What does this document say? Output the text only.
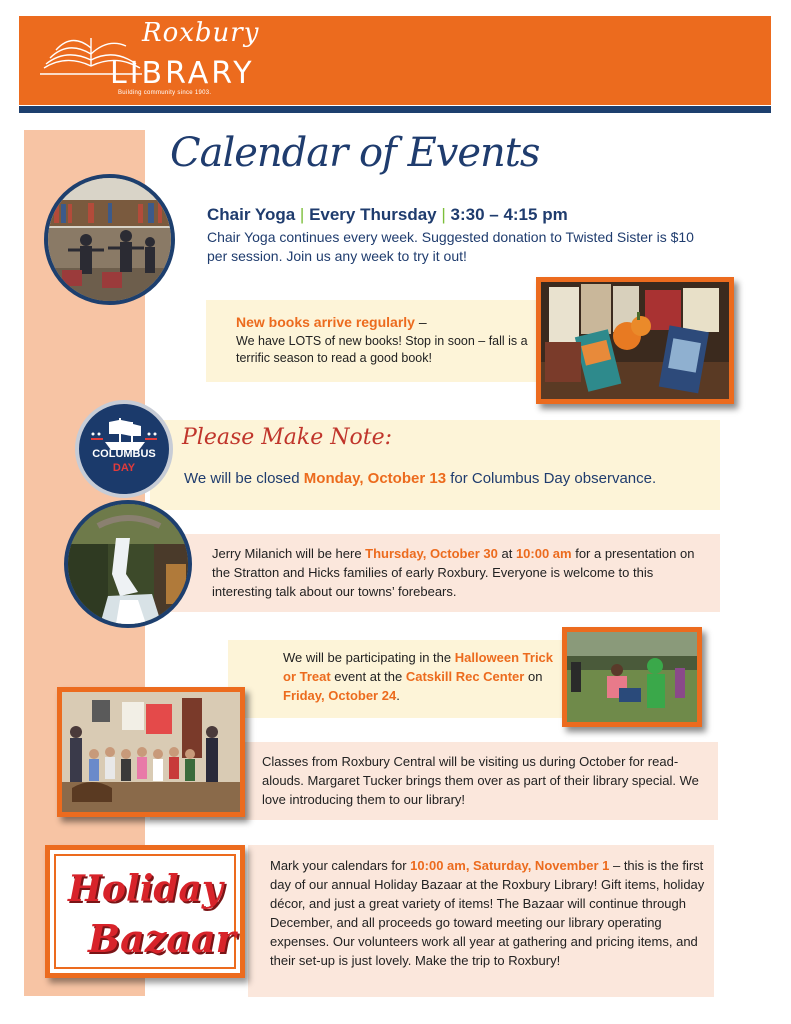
Roxbury
LIBRARY
Building community since 1903.
Calendar of Events
Chair Yoga | Every Thursday | 3:30 – 4:15 pm
Chair Yoga continues every week. Suggested donation to Twisted Sister is $10 per session. Join us any week to try it out!
New books arrive regularly –
We have LOTS of new books! Stop in soon – fall is a terrific season to read a good book!
COLUMBUS
DAY
Please Make Note:
We will be closed Monday, October 13 for Columbus Day observance.
Jerry Milanich will be here Thursday, October 30 at 10:00 am for a presentation on the Stratton and Hicks families of early Roxbury. Everyone is welcome to this interesting talk about our towns’ forebears.
We will be participating in the Halloween Trick or Treat event at the Catskill Rec Center on Friday, October 24.
Classes from Roxbury Central will be visiting us during October for read-alouds. Margaret Tucker brings them over as part of their library special. We love introducing them to our library!
Holiday
Bazaar
Mark your calendars for 10:00 am, Saturday, November 1 – this is the first day of our annual Holiday Bazaar at the Roxbury Library! Gift items, holiday décor, and just a great variety of items! The Bazaar will continue through December, and all proceeds go toward meeting our library operating expenses. Our volunteers work all year at gathering and pricing items, and their set-up is just lovely. Make the trip to Roxbury!
